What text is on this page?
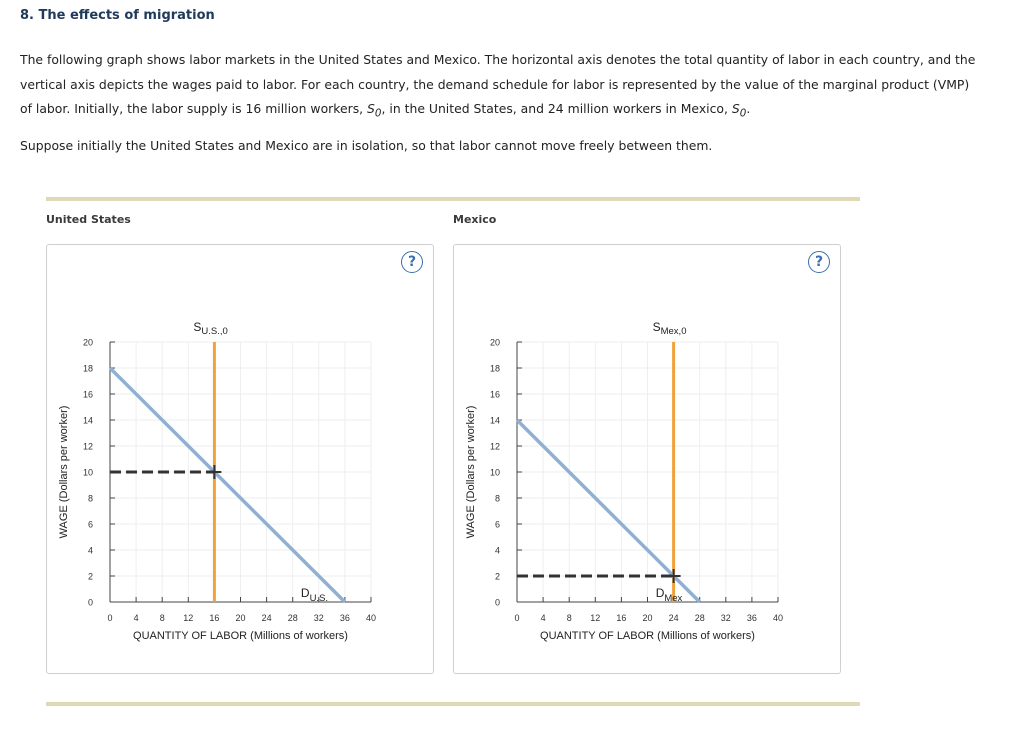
8. The effects of migration
The following graph shows labor markets in the United States and Mexico. The horizontal axis denotes the total quantity of labor in each country, and the vertical axis depicts the wages paid to labor. For each country, the demand schedule for labor is represented by the value of the marginal product (VMP) of labor. Initially, the labor supply is 16 million workers, $S_0$, in the United States, and 24 million workers in Mexico, $S_0$.
Suppose initially the United States and Mexico are in isolation, so that labor cannot move freely between them.
United States	Mexico
?
0
2
4
6
8
10
12
14
16
18
20
0 4 8 12 16 20 24 28 32 36 40
QUANTITY OF LABOR (Millions of workers)
WAGE (Dollars per worker)
$S_{U.S.,0}$
$D_{U.S.}$
?
0
2
4
6
8
10
12
14
16
18
20
0 4 8 12 16 20 24 28 32 36 40
QUANTITY OF LABOR (Millions of workers)
WAGE (Dollars per worker)
$S_{Mex,0}$
$D_{Mex}$
